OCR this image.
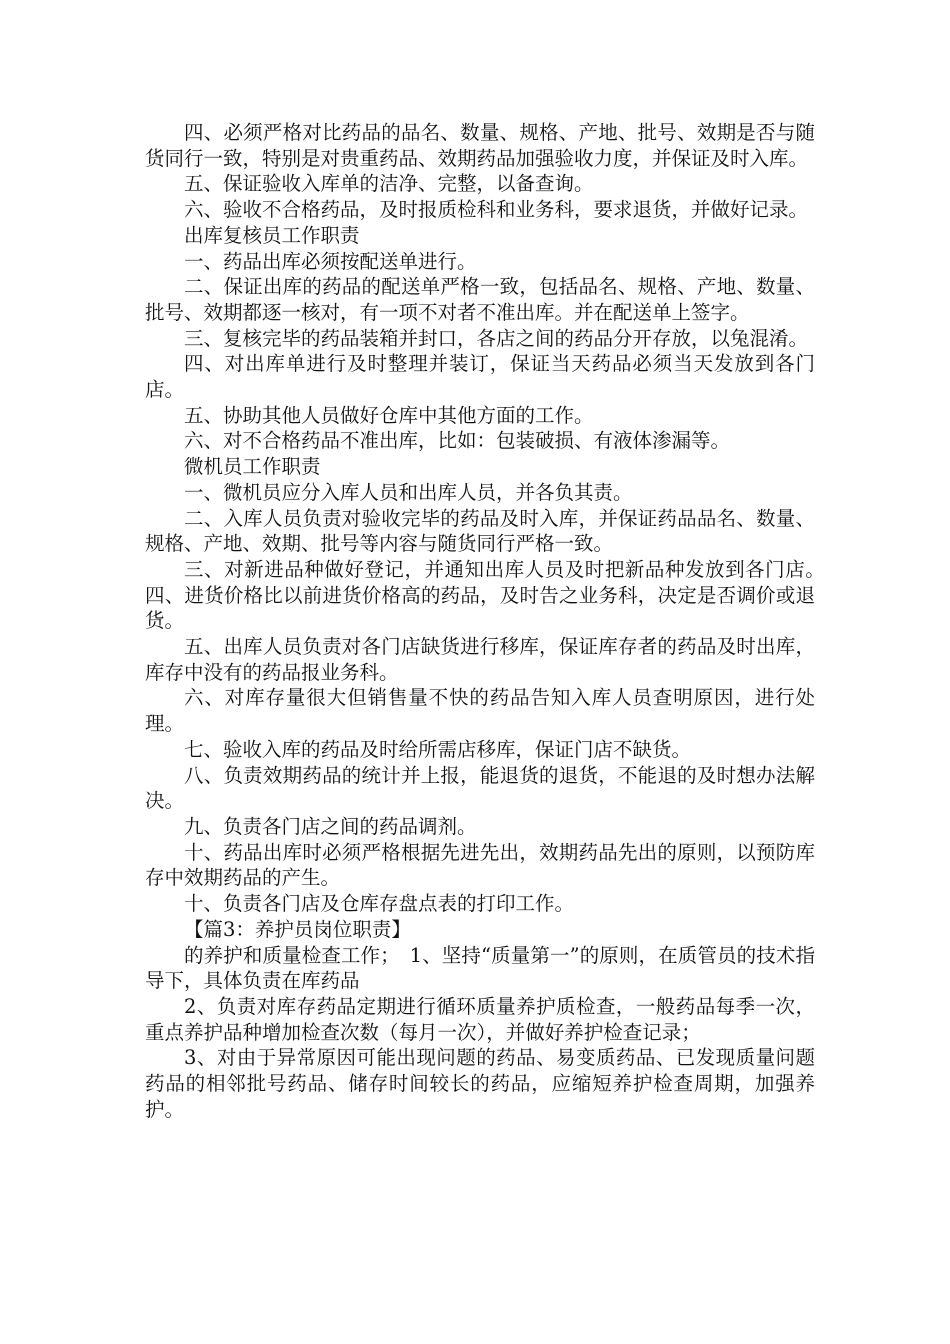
四、必须严格对比药品的品名、数量、规格、产地、批号、效期是否与随货同行一致，特别是对贵重药品、效期药品加强验收力度，并保证及时入库。

五、保证验收入库单的洁净、完整，以备查询。

六、验收不合格药品，及时报质检科和业务科，要求退货，并做好记录。

出库复核员工作职责

一、药品出库必须按配送单进行。

二、保证出库的药品的配送单严格一致，包括品名、规格、产地、数量、批号、效期都逐一核对，有一项不对者不准出库。并在配送单上签字。

三、复核完毕的药品装箱并封口，各店之间的药品分开存放，以兔混淆。

四、对出库单进行及时整理并装订，保证当天药品必须当天发放到各门店。

五、协助其他人员做好仓库中其他方面的工作。

六、对不合格药品不准出库，比如：包装破损、有液体渗漏等。

微机员工作职责

一、微机员应分入库人员和出库人员，并各负其责。

二、入库人员负责对验收完毕的药品及时入库，并保证药品品名、数量、规格、产地、效期、批号等内容与随货同行严格一致。

三、对新进品种做好登记，并通知出库人员及时把新品种发放到各门店。　 四、进货价格比以前进货价格高的药品，及时告之业务科，决定是否调价或退货。

五、出库人员负责对各门店缺货进行移库，保证库存者的药品及时出库，库存中没有的药品报业务科。

六、对库存量很大但销售量不快的药品告知入库人员查明原因，进行处理。

七、验收入库的药品及时给所需店移库，保证门店不缺货。

八、负责效期药品的统计并上报，能退货的退货，不能退的及时想办法解决。

九、负责各门店之间的药品调剂。

十、药品出库时必须严格根据先进先出，效期药品先出的原则，以预防库存中效期药品的产生。

十、负责各门店及仓库存盘点表的打印工作。

【篇3：养护员岗位职责】

的养护和质量检查工作；　1、坚持“质量第一”的原则，在质管员的技术指导下，具体负责在库药品

2、负责对库存药品定期进行循环质量养护质检查，一般药品每季一次，重点养护品种增加检查次数（每月一次），并做好养护检查记录；

3、对由于异常原因可能出现问题的药品、易变质药品、已发现质量问题药品的相邻批号药品、储存时间较长的药品，应缩短养护检查周期，加强养护。
